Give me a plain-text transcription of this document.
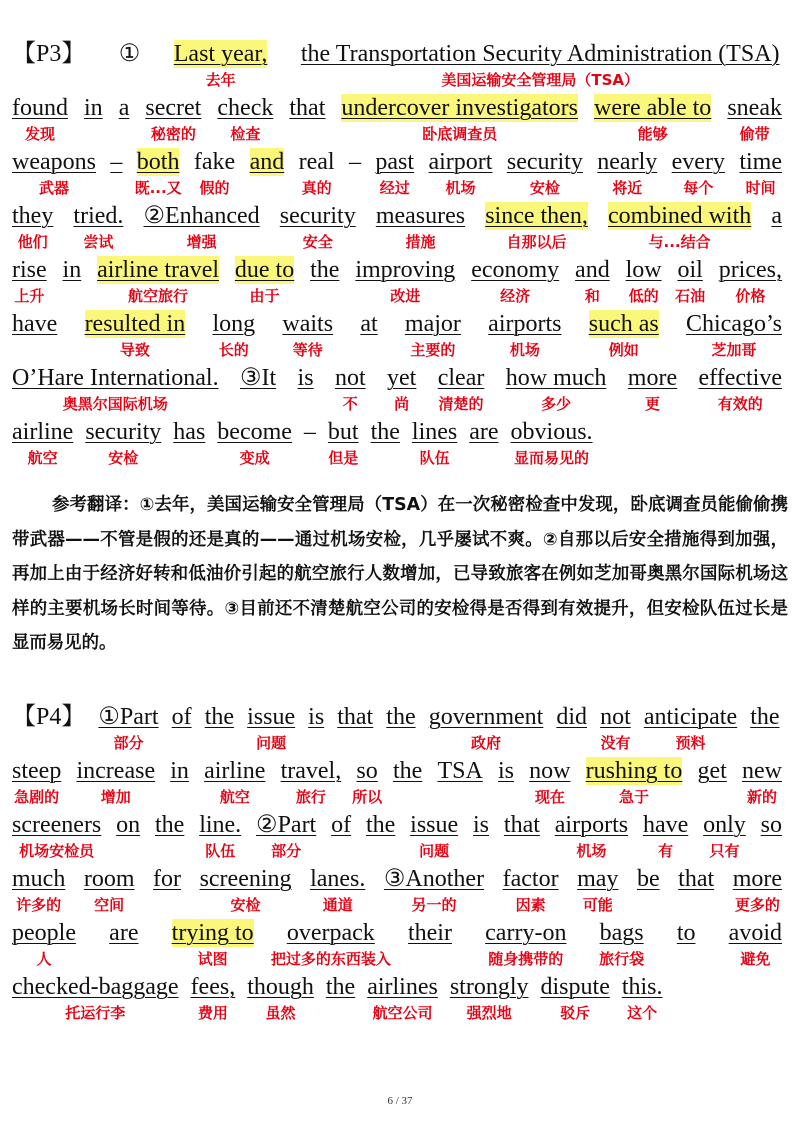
【P3】 ① Last year, the Transportation Security Administration (TSA)
去年	美国运输安全管理局（TSA）
found in a secret check that undercover investigators were able to sneak
发现	秘密的 检查	卧底调查员	能够	偷带
weapons – both fake and real – past airport security nearly every time
武器	既...又 假的	真的	经过 机场	安检	将近	每个 时间
they tried. ②Enhanced security measures since then, combined with a
他们 尝试	增强	安全	措施	自那以后	与...结合
rise in airline travel due to the improving economy and low oil prices,
上升	航空旅行	由于	改进	经济	和 低的 石油 价格
have resulted in long waits at major airports such as Chicago’s
导致	长的	等待	主要的	机场	例如	芝加哥
O’Hare International. ③It is not yet clear how much more effective
奥黑尔国际机场	不 尚 清楚的	多少	更	有效的
airline security has become – but the lines are obvious.
航空	安检	变成	但是	队伍	显而易见的

参考翻译：①去年，美国运输安全管理局（TSA）在一次秘密检查中发现，卧底调查员能偷偷携带武器——不管是假的还是真的——通过机场安检，几乎屡试不爽。②自那以后安全措施得到加强，再加上由于经济好转和低油价引起的航空旅行人数增加，已导致旅客在例如芝加哥奥黑尔国际机场这样的主要机场长时间等待。③目前还不清楚航空公司的安检得是否得到有效提升，但安检队伍过长是显而易见的。

【P4】 ①Part of the issue is that the government did not anticipate the
部分	问题	政府	没有	预料
steep increase in airline travel, so the TSA is now rushing to get new
急剧的	增加	航空	旅行 所以	现在	急于	新的
screeners on the line. ②Part of the issue is that airports have only so
机场安检员	队伍 部分	问题	机场	有 只有
much room for screening lanes. ③Another factor may be that more
许多的 空间	安检	通道	另一的	因素 可能	更多的
people are trying to overpack their carry-on bags to avoid
人	试图	把过多的东西装入	随身携带的 旅行袋	避免
checked-baggage fees, though the airlines strongly dispute this.
托运行李	费用	虽然	航空公司 强烈地	驳斥 这个
6 / 37
